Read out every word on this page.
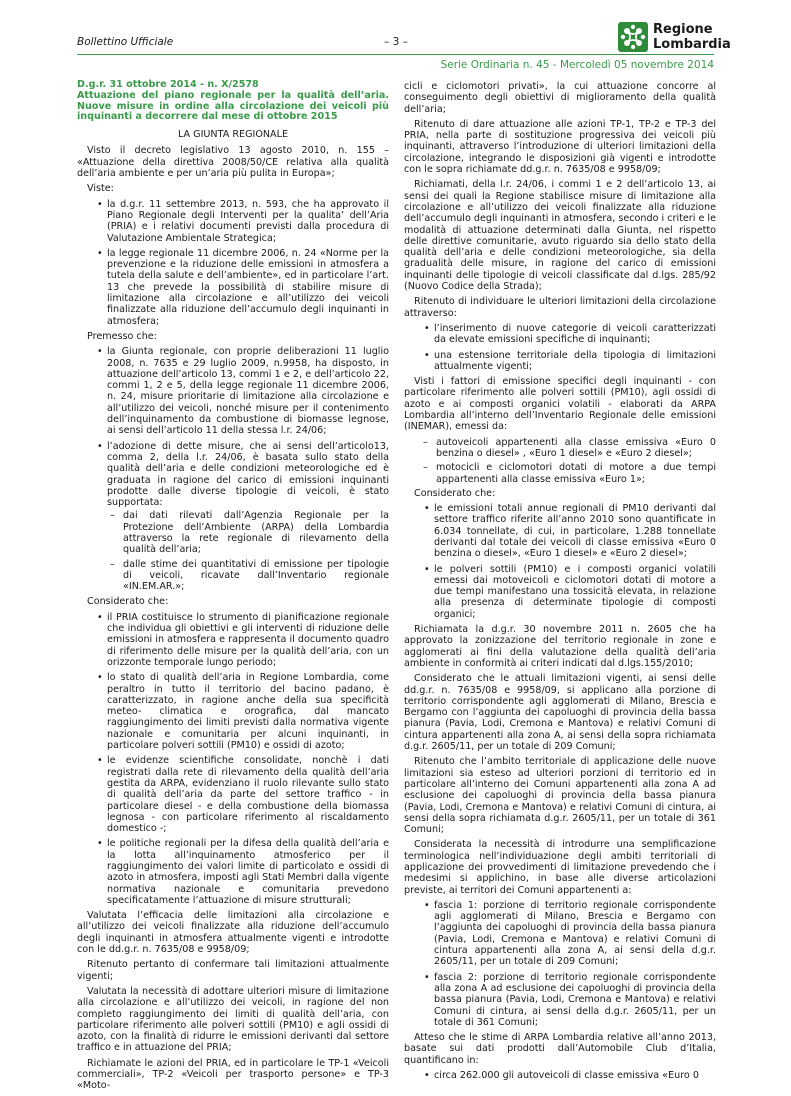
Bollettino Ufficiale	– 3 –
Regione
Lombardia
Serie Ordinaria n. 45 - Mercoledì 05 novembre 2014
D.g.r. 31 ottobre 2014 - n. X/2578
Attuazione del piano regionale per la qualità dell’aria. Nuove misure in ordine alla circolazione dei veicoli più inquinanti a decorrere dal mese di ottobre 2015

LA GIUNTA REGIONALE

Visto il decreto legislativo 13 agosto 2010, n. 155 – «Attuazione della direttiva 2008/50/CE relativa alla qualità dell’aria ambiente e per un’aria più pulita in Europa»;

Viste:

• la d.g.r. 11 settembre 2013, n. 593, che ha approvato il Piano Regionale degli Interventi per la qualita’ dell’Aria (PRIA) e i relativi documenti previsti dalla procedura di Valutazione Ambientale Strategica;
• la legge regionale 11 dicembre 2006, n. 24 «Norme per la prevenzione e la riduzione delle emissioni in atmosfera a tutela della salute e dell’ambiente», ed in particolare l’art. 13 che prevede la possibilità di stabilire misure di limitazione alla circolazione e all’utilizzo dei veicoli finalizzate alla riduzione dell’accumulo degli inquinanti in atmosfera;

Premesso che:

• la Giunta regionale, con proprie deliberazioni 11 luglio 2008, n. 7635 e 29 luglio 2009, n.9958, ha disposto, in attuazione dell’articolo 13, commi 1 e 2, e dell’articolo 22, commi 1, 2 e 5, della legge regionale 11 dicembre 2006, n. 24, misure prioritarie di limitazione alla circolazione e all’utilizzo dei veicoli, nonché misure per il contenimento dell’inquinamento da combustione di biomasse legnose, ai sensi dell’articolo 11 della stessa l.r. 24/06;
• l’adozione di dette misure, che ai sensi dell’articolo13, comma 2, della l.r. 24/06, è basata sullo stato della qualità dell’aria e delle condizioni meteorologiche ed è graduata in ragione del carico di emissioni inquinanti prodotte dalle diverse tipologie di veicoli, è stato supportata:
– dai dati rilevati dall’Agenzia Regionale per la Protezione dell’Ambiente (ARPA) della Lombardia attraverso la rete regionale di rilevamento della qualità dell’aria;
– dalle stime dei quantitativi di emissione per tipologie di veicoli, ricavate dall’Inventario regionale «IN.EM.AR.»;

Considerato che:

• il PRIA costituisce lo strumento di pianificazione regionale che individua gli obiettivi e gli interventi di riduzione delle emissioni in atmosfera e rappresenta il documento quadro di riferimento delle misure per la qualità dell’aria, con un orizzonte temporale lungo periodo;
• lo stato di qualità dell’aria in Regione Lombardia, come peraltro in tutto il territorio del bacino padano, è caratterizzato, in ragione anche della sua specificità meteo- climatica e orografica, dal mancato raggiungimento dei limiti previsti dalla normativa vigente nazionale e comunitaria per alcuni inquinanti, in particolare polveri sottili (PM10) e ossidi di azoto;
• le evidenze scientifiche consolidate, nonchè i dati registrati dalla rete di rilevamento della qualità dell’aria gestita da ARPA, evidenziano il ruolo rilevante sullo stato di qualità dell’aria da parte del settore traffico - in particolare diesel - e della combustione della biomassa legnosa - con particolare riferimento al riscaldamento domestico -;
• le politiche regionali per la difesa della qualità dell’aria e la lotta all’inquinamento atmosferico per il raggiungimento dei valori limite di particolato e ossidi di azoto in atmosfera, imposti agli Stati Membri dalla vigente normativa nazionale e comunitaria prevedono specificatamente l’attuazione di misure strutturali;

Valutata l’efficacia delle limitazioni alla circolazione e all’utilizzo dei veicoli finalizzate alla riduzione dell’accumulo degli inquinanti in atmosfera attualmente vigenti e introdotte con le dd.g.r. n. 7635/08 e 9958/09;

Ritenuto pertanto di confermare tali limitazioni attualmente vigenti;

Valutata la necessità di adottare ulteriori misure di limitazione alla circolazione e all’utilizzo dei veicoli, in ragione del non completo raggiungimento dei limiti di qualità dell’aria, con particolare riferimento alle polveri sottili (PM10) e agli ossidi di azoto, con la finalità di ridurre le emissioni derivanti dal settore traffico e in attuazione del PRIA;

Richiamate le azioni del PRIA, ed in particolare le TP-1 «Veicoli commerciali», TP-2 «Veicoli per trasporto persone» e TP-3 «Moto-

cicli e ciclomotori privati», la cui attuazione concorre al conseguimento degli obiettivi di miglioramento della qualità dell’aria;

Ritenuto di dare attuazione alle azioni TP-1, TP-2 e TP-3 del PRIA, nella parte di sostituzione progressiva dei veicoli più inquinanti, attraverso l’introduzione di ulteriori limitazioni della circolazione, integrando le disposizioni già vigenti e introdotte con le sopra richiamate dd.g.r. n. 7635/08 e 9958/09;

Richiamati, della l.r. 24/06, i commi 1 e 2 dell’articolo 13, ai sensi dei quali la Regione stabilisce misure di limitazione alla circolazione e all’utilizzo dei veicoli finalizzate alla riduzione dell’accumulo degli inquinanti in atmosfera, secondo i criteri e le modalità di attuazione determinati dalla Giunta, nel rispetto delle direttive comunitarie, avuto riguardo sia dello stato della qualità dell’aria e delle condizioni meteorologiche, sia della gradualità delle misure, in ragione del carico di emissioni inquinanti delle tipologie di veicoli classificate dal d.lgs. 285/92 (Nuovo Codice della Strada);

Ritenuto di individuare le ulteriori limitazioni della circolazione attraverso:

• l’inserimento di nuove categorie di veicoli caratterizzati da elevate emissioni specifiche di inquinanti;
• una estensione territoriale della tipologia di limitazioni attualmente vigenti;

Visti i fattori di emissione specifici degli inquinanti - con particolare riferimento alle polveri sottili (PM10), agli ossidi di azoto e ai composti organici volatili - elaborati da ARPA Lombardia all’interno dell’Inventario Regionale delle emissioni (INEMAR), emessi da:

– autoveicoli appartenenti alla classe emissiva «Euro 0 benzina o diesel» , «Euro 1 diesel» e «Euro 2 diesel»;
– motocicli e ciclomotori dotati di motore a due tempi appartenenti alla classe emissiva «Euro 1»;

Considerato che:

• le emissioni totali annue regionali di PM10 derivanti dal settore traffico riferite all’anno 2010 sono quantificate in 6.034 tonnellate, di cui, in particolare, 1.288 tonnellate derivanti dal totale dei veicoli di classe emissiva «Euro 0 benzina o diesel», «Euro 1 diesel» e «Euro 2 diesel»;
• le polveri sottili (PM10) e i composti organici volatili emessi dai motoveicoli e ciclomotori dotati di motore a due tempi manifestano una tossicità elevata, in relazione alla presenza di determinate tipologie di composti organici;

Richiamata la d.g.r. 30 novembre 2011 n. 2605 che ha approvato la zonizzazione del territorio regionale in zone e agglomerati ai fini della valutazione della qualità dell’aria ambiente in conformità ai criteri indicati dal d.lgs.155/2010;

Considerato che le attuali limitazioni vigenti, ai sensi delle dd.g.r. n. 7635/08 e 9958/09, si applicano alla porzione di territorio corrispondente agli agglomerati di Milano, Brescia e Bergamo con l’aggiunta dei capoluoghi di provincia della bassa pianura (Pavia, Lodi, Cremona e Mantova) e relativi Comuni di cintura appartenenti alla zona A, ai sensi della sopra richiamata d.g.r. 2605/11, per un totale di 209 Comuni;

Ritenuto che l’ambito territoriale di applicazione delle nuove limitazioni sia esteso ad ulteriori porzioni di territorio ed in particolare all’interno dei Comuni appartenenti alla zona A ad esclusione dei capoluoghi di provincia della bassa pianura (Pavia, Lodi, Cremona e Mantova) e relativi Comuni di cintura, ai sensi della sopra richiamata d.g.r. 2605/11, per un totale di 361 Comuni;

Considerata la necessità di introdurre una semplificazione terminologica nell’individuazione degli ambiti territoriali di applicazione dei provvedimenti di limitazione prevedendo che i medesimi si applichino, in base alle diverse articolazioni previste, ai territori dei Comuni appartenenti a:

• fascia 1: porzione di territorio regionale corrispondente agli agglomerati di Milano, Brescia e Bergamo con l’aggiunta dei capoluoghi di provincia della bassa pianura (Pavia, Lodi, Cremona e Mantova) e relativi Comuni di cintura appartenenti alla zona A, ai sensi della d.g.r. 2605/11, per un totale di 209 Comuni;
• fascia 2: porzione di territorio regionale corrispondente alla zona A ad esclusione dei capoluoghi di provincia della bassa pianura (Pavia, Lodi, Cremona e Mantova) e relativi Comuni di cintura, ai sensi della d.g.r. 2605/11, per un totale di 361 Comuni;

Atteso che le stime di ARPA Lombardia relative all’anno 2013, basate sui dati prodotti dall’Automobile Club d’Italia, quantificano in:

• circa 262.000 gli autoveicoli di classe emissiva «Euro 0
